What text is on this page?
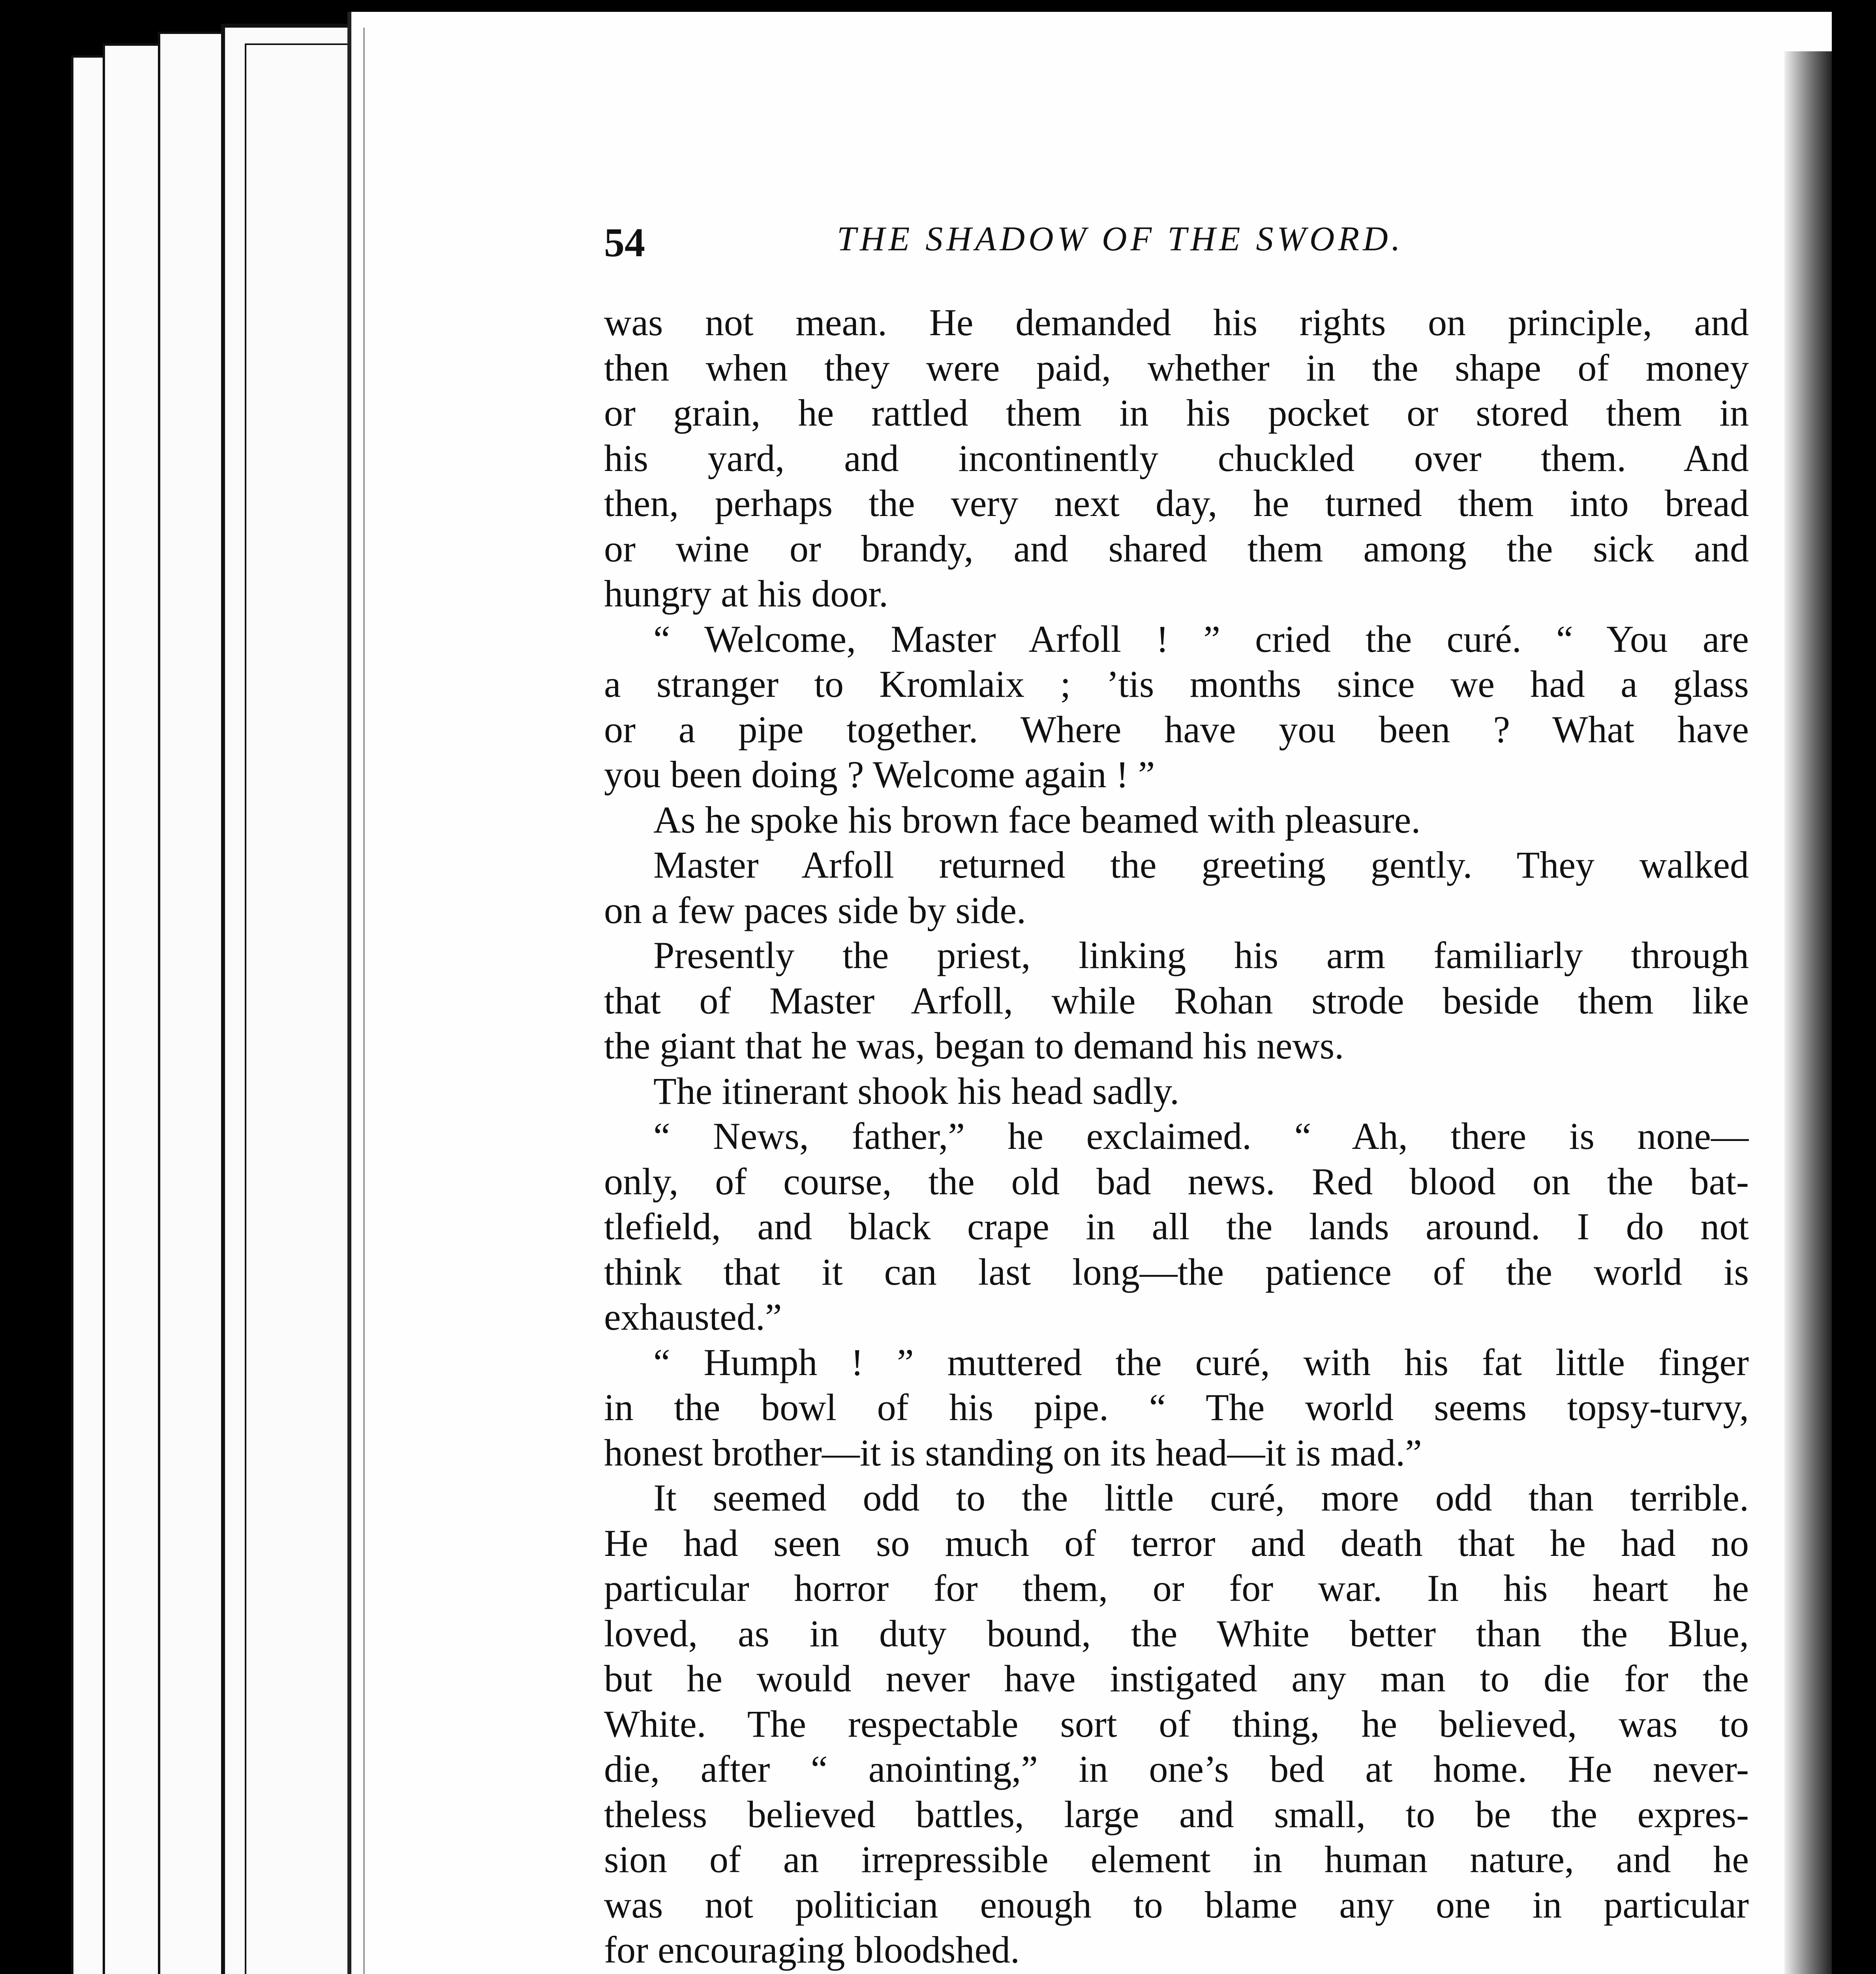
54	THE SHADOW OF THE SWORD.
was not mean. He demanded his rights on principle, and
then when they were paid, whether in the shape of money
or grain, he rattled them in his pocket or stored them in
his yard, and incontinently chuckled over them. And
then, perhaps the very next day, he turned them into bread
or wine or brandy, and shared them among the sick and
hungry at his door.
“ Welcome, Master Arfoll ! ” cried the curé. “ You are
a stranger to Kromlaix ; ’tis months since we had a glass
or a pipe together. Where have you been ? What have
you been doing ? Welcome again ! ”
As he spoke his brown face beamed with pleasure.
Master Arfoll returned the greeting gently. They walked
on a few paces side by side.
Presently the priest, linking his arm familiarly through
that of Master Arfoll, while Rohan strode beside them like
the giant that he was, began to demand his news.
The itinerant shook his head sadly.
“ News, father,” he exclaimed. “ Ah, there is none—
only, of course, the old bad news. Red blood on the bat-
tlefield, and black crape in all the lands around. I do not
think that it can last long—the patience of the world is
exhausted.”
“ Humph ! ” muttered the curé, with his fat little finger
in the bowl of his pipe. “ The world seems topsy-turvy,
honest brother—it is standing on its head—it is mad.”
It seemed odd to the little curé, more odd than terrible.
He had seen so much of terror and death that he had no
particular horror for them, or for war. In his heart he
loved, as in duty bound, the White better than the Blue,
but he would never have instigated any man to die for the
White. The respectable sort of thing, he believed, was to
die, after “ anointing,” in one’s bed at home. He never-
theless believed battles, large and small, to be the expres-
sion of an irrepressible element in human nature, and he
was not politician enough to blame any one in particular
for encouraging bloodshed.
